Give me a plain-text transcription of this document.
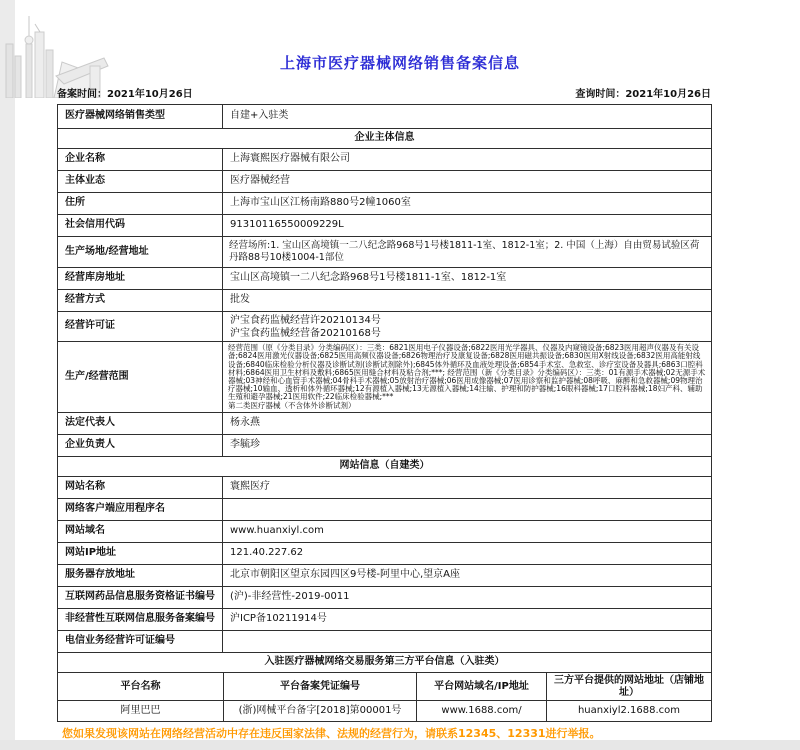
上海市医疗器械网络销售备案信息
备案时间：2021年10月26日	查询时间：2021年10月26日
医疗器械网络销售类型	自建+入驻类
企业主体信息	
企业名称	上海寰熙医疗器械有限公司
主体业态	医疗器械经营
住所	上海市宝山区江杨南路880号2幢1060室
社会信用代码	91310116550009229L
生产场地/经营地址	经营场所:1. 宝山区高境镇一二八纪念路968号1号楼1811-1室、1812-1室；2. 中国（上海）自由贸易试验区荷丹路88号10楼1004-1部位
经营库房地址	宝山区高境镇一二八纪念路968号1号楼1811-1室、1812-1室
经营方式	批发
经营许可证	沪宝食药监械经营许20210134号
沪宝食药监械经营备20210168号

生产/经营范围	经营范围（原《分类目录》分类编码区）：三类：6821医用电子仪器设备;6822医用光学器具、仪器及内窥镜设备;6823医用超声仪器及有关设备;6824医用激光仪器设备;6825医用高频仪器设备;6826物理治疗及康复设备;6828医用磁共振设备;6830医用X射线设备;6832医用高能射线设备;6840临床检验分析仪器及诊断试剂(诊断试剂除外);6845体外循环及血液处理设备;6854手术室、急救室、诊疗室设备及器具;6863口腔科材料;6864医用卫生材料及敷料;6865医用缝合材料及粘合剂;***; 经营范围（新《分类目录》分类编码区）：三类：01有源手术器械;02无源手术器械;03神经和心血管手术器械;04骨科手术器械;05放射治疗器械;06医用成像器械;07医用诊察和监护器械;08呼吸、麻醉和急救器械;09物理治疗器械;10输血、透析和体外循环器械;12有源植入器械;13无源植入器械;14注输、护理和防护器械;16眼科器械;17口腔科器械;18妇产科、辅助生殖和避孕器械;21医用软件;22临床检验器械;***
第二类医疗器械（不含体外诊断试剂）

法定代表人	杨永燕
企业负责人	李毓珍
网站信息（自建类）	
网站名称	寰熙医疗
网络客户端应用程序名	
网站域名	www.huanxiyl.com
网站IP地址	121.40.227.62
服务器存放地址	北京市朝阳区望京东园四区9号楼-阿里中心,望京A座
互联网药品信息服务资格证书编号	(沪)-非经营性-2019-0011
非经营性互联网信息服务备案编号	沪ICP备10211914号
电信业务经营许可证编号	
入驻医疗器械网络交易服务第三方平台信息（入驻类）			
平台名称	平台备案凭证编号	平台网站域名/IP地址	三方平台提供的网站地址（店铺地址）
阿里巴巴	(浙)网械平台备字[2018]第00001号	www.1688.com/	huanxiyl2.1688.com
您如果发现该网站在网络经营活动中存在违反国家法律、法规的经营行为，请联系12345、12331进行举报。
